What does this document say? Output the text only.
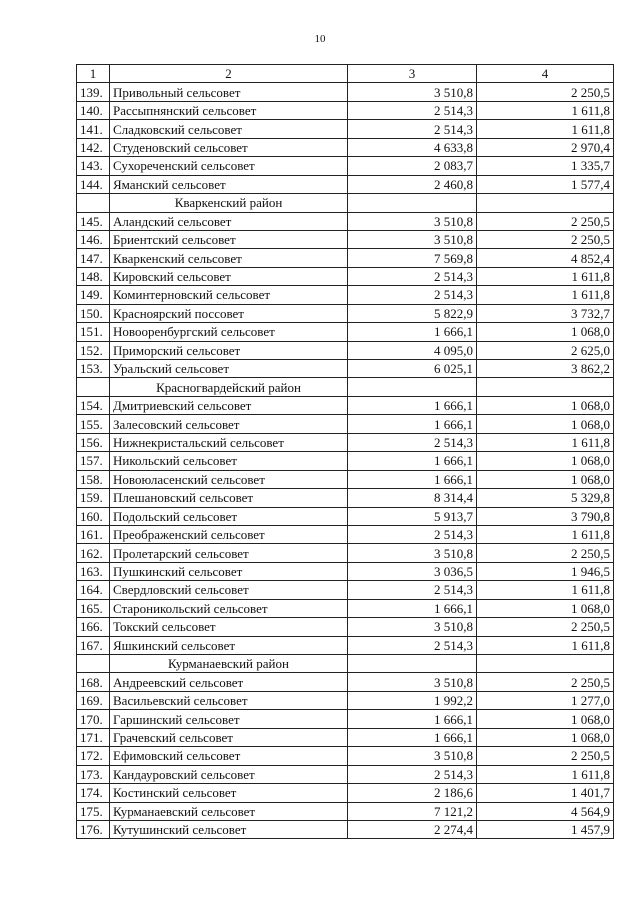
10
1	2	3	4
139.	Привольный сельсовет	3 510,8	2 250,5
140.	Рассыпнянский сельсовет	2 514,3	1 611,8
141.	Сладковский сельсовет	2 514,3	1 611,8
142.	Студеновский сельсовет	4 633,8	2 970,4
143.	Сухореченский сельсовет	2 083,7	1 335,7
144.	Яманский сельсовет	2 460,8	1 577,4
	Кваркенский район		
145.	Аландский сельсовет	3 510,8	2 250,5
146.	Бриентский сельсовет	3 510,8	2 250,5
147.	Кваркенский сельсовет	7 569,8	4 852,4
148.	Кировский сельсовет	2 514,3	1 611,8
149.	Коминтерновский сельсовет	2 514,3	1 611,8
150.	Красноярский поссовет	5 822,9	3 732,7
151.	Новооренбургский сельсовет	1 666,1	1 068,0
152.	Приморский сельсовет	4 095,0	2 625,0
153.	Уральский сельсовет	6 025,1	3 862,2
	Красногвардейский район		
154.	Дмитриевский сельсовет	1 666,1	1 068,0
155.	Залесовский сельсовет	1 666,1	1 068,0
156.	Нижнекристальский сельсовет	2 514,3	1 611,8
157.	Никольский сельсовет	1 666,1	1 068,0
158.	Новоюласенский сельсовет	1 666,1	1 068,0
159.	Плешановский сельсовет	8 314,4	5 329,8
160.	Подольский сельсовет	5 913,7	3 790,8
161.	Преображенский сельсовет	2 514,3	1 611,8
162.	Пролетарский сельсовет	3 510,8	2 250,5
163.	Пушкинский сельсовет	3 036,5	1 946,5
164.	Свердловский сельсовет	2 514,3	1 611,8
165.	Староникольский сельсовет	1 666,1	1 068,0
166.	Токский сельсовет	3 510,8	2 250,5
167.	Яшкинский сельсовет	2 514,3	1 611,8
	Курманаевский район		
168.	Андреевский сельсовет	3 510,8	2 250,5
169.	Васильевский сельсовет	1 992,2	1 277,0
170.	Гаршинский сельсовет	1 666,1	1 068,0
171.	Грачевский сельсовет	1 666,1	1 068,0
172.	Ефимовский сельсовет	3 510,8	2 250,5
173.	Кандауровский сельсовет	2 514,3	1 611,8
174.	Костинский сельсовет	2 186,6	1 401,7
175.	Курманаевский сельсовет	7 121,2	4 564,9
176.	Кутушинский сельсовет	2 274,4	1 457,9
